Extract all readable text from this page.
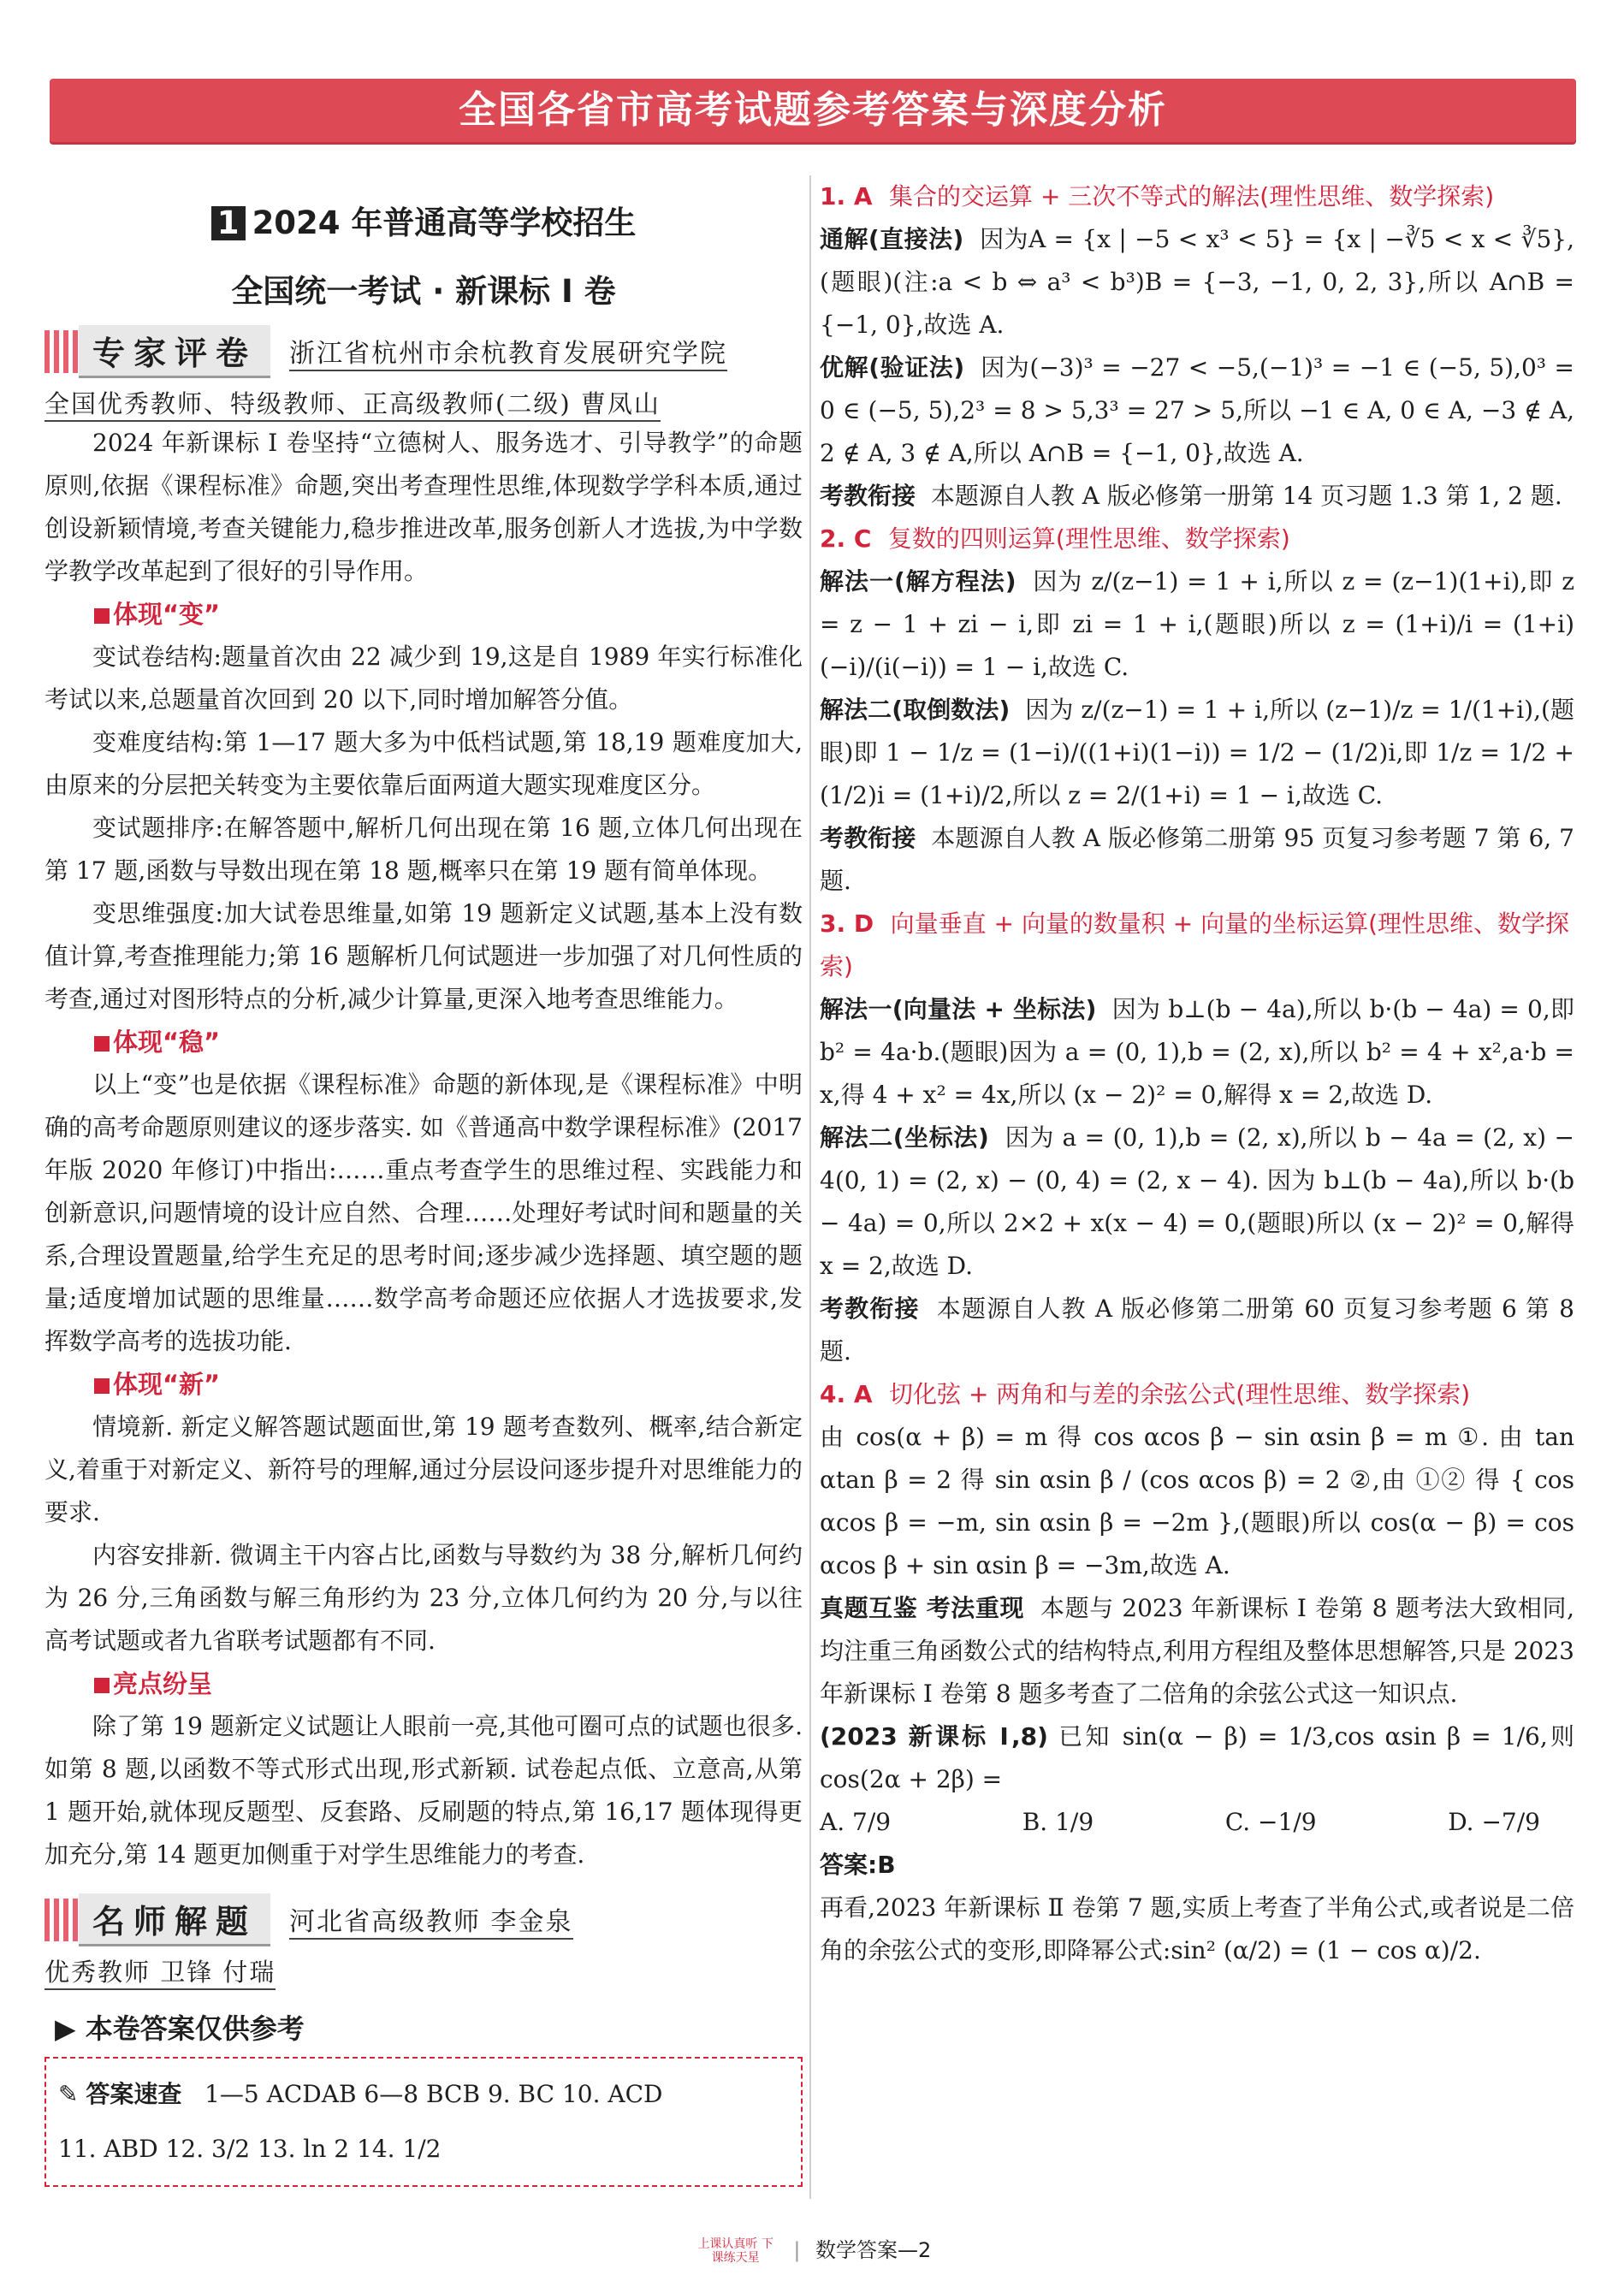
全国各省市高考试题参考答案与深度分析
1 2024 年普通高等学校招生
全国统一考试 · 新课标 Ⅰ 卷
专家评卷	浙江省杭州市余杭教育发展研究学院
全国优秀教师、特级教师、正高级教师(二级) 曹凤山

2024 年新课标 Ⅰ 卷坚持“立德树人、服务选才、引导教学”的命题原则,依据《课程标准》命题,突出考查理性思维,体现数学学科本质,通过创设新颖情境,考查关键能力,稳步推进改革,服务创新人才选拔,为中学数学教学改革起到了很好的引导作用。

体现“变”

变试卷结构:题量首次由 22 减少到 19,这是自 1989 年实行标准化考试以来,总题量首次回到 20 以下,同时增加解答分值。

变难度结构:第 1—17 题大多为中低档试题,第 18,19 题难度加大,由原来的分层把关转变为主要依靠后面两道大题实现难度区分。

变试题排序:在解答题中,解析几何出现在第 16 题,立体几何出现在第 17 题,函数与导数出现在第 18 题,概率只在第 19 题有简单体现。

变思维强度:加大试卷思维量,如第 19 题新定义试题,基本上没有数值计算,考查推理能力;第 16 题解析几何试题进一步加强了对几何性质的考查,通过对图形特点的分析,减少计算量,更深入地考查思维能力。

体现“稳”

以上“变”也是依据《课程标准》命题的新体现,是《课程标准》中明确的高考命题原则建议的逐步落实. 如《普通高中数学课程标准》(2017 年版 2020 年修订)中指出:……重点考查学生的思维过程、实践能力和创新意识,问题情境的设计应自然、合理……处理好考试时间和题量的关系,合理设置题量,给学生充足的思考时间;逐步减少选择题、填空题的题量;适度增加试题的思维量……数学高考命题还应依据人才选拔要求,发挥数学高考的选拔功能.

体现“新”

情境新. 新定义解答题试题面世,第 19 题考查数列、概率,结合新定义,着重于对新定义、新符号的理解,通过分层设问逐步提升对思维能力的要求.

内容安排新. 微调主干内容占比,函数与导数约为 38 分,解析几何约为 26 分,三角函数与解三角形约为 23 分,立体几何约为 20 分,与以往高考试题或者九省联考试题都有不同.

亮点纷呈

除了第 19 题新定义试题让人眼前一亮,其他可圈可点的试题也很多. 如第 8 题,以函数不等式形式出现,形式新颖. 试卷起点低、立意高,从第 1 题开始,就体现反题型、反套路、反刷题的特点,第 16,17 题体现得更加充分,第 14 题更加侧重于对学生思维能力的考查.

名师解题	河北省高级教师 李金泉
优秀教师 卫锋 付瑞
▶ 本卷答案仅供参考
✎ 答案速查 1—5 ACDAB 6—8 BCB 9. BC 10. ACD
11. ABD 12. 3/2 13. ln 2 14. 1/2
1. A 集合的交运算 + 三次不等式的解法(理性思维、数学探索)

通解(直接法) 因为A = {x | −5 < x³ < 5} = {x | −∛5 < x < ∛5},(题眼)(注:a < b ⇔ a³ < b³)B = {−3, −1, 0, 2, 3},所以 A∩B = {−1, 0},故选 A.

优解(验证法) 因为(−3)³ = −27 < −5,(−1)³ = −1 ∈ (−5, 5),0³ = 0 ∈ (−5, 5),2³ = 8 > 5,3³ = 27 > 5,所以 −1 ∈ A, 0 ∈ A, −3 ∉ A, 2 ∉ A, 3 ∉ A,所以 A∩B = {−1, 0},故选 A.

考教衔接 本题源自人教 A 版必修第一册第 14 页习题 1.3 第 1, 2 题.

2. C 复数的四则运算(理性思维、数学探索)

解法一(解方程法) 因为 z/(z−1) = 1 + i,所以 z = (z−1)(1+i),即 z = z − 1 + zi − i,即 zi = 1 + i,(题眼)所以 z = (1+i)/i = (1+i)(−i)/(i(−i)) = 1 − i,故选 C.

解法二(取倒数法) 因为 z/(z−1) = 1 + i,所以 (z−1)/z = 1/(1+i),(题眼)即 1 − 1/z = (1−i)/((1+i)(1−i)) = 1/2 − (1/2)i,即 1/z = 1/2 + (1/2)i = (1+i)/2,所以 z = 2/(1+i) = 1 − i,故选 C.

考教衔接 本题源自人教 A 版必修第二册第 95 页复习参考题 7 第 6, 7 题.

3. D 向量垂直 + 向量的数量积 + 向量的坐标运算(理性思维、数学探索)

解法一(向量法 + 坐标法) 因为 b⊥(b − 4a),所以 b·(b − 4a) = 0,即 b² = 4a·b.(题眼)因为 a = (0, 1),b = (2, x),所以 b² = 4 + x²,a·b = x,得 4 + x² = 4x,所以 (x − 2)² = 0,解得 x = 2,故选 D.

解法二(坐标法) 因为 a = (0, 1),b = (2, x),所以 b − 4a = (2, x) − 4(0, 1) = (2, x) − (0, 4) = (2, x − 4). 因为 b⊥(b − 4a),所以 b·(b − 4a) = 0,所以 2×2 + x(x − 4) = 0,(题眼)所以 (x − 2)² = 0,解得 x = 2,故选 D.

考教衔接 本题源自人教 A 版必修第二册第 60 页复习参考题 6 第 8 题.

4. A 切化弦 + 两角和与差的余弦公式(理性思维、数学探索)

由 cos(α + β) = m 得 cos αcos β − sin αsin β = m ①. 由 tan αtan β = 2 得 sin αsin β / (cos αcos β) = 2 ②,由 ①② 得 { cos αcos β = −m, sin αsin β = −2m },(题眼)所以 cos(α − β) = cos αcos β + sin αsin β = −3m,故选 A.

真题互鉴 考法重现 本题与 2023 年新课标 Ⅰ 卷第 8 题考法大致相同,均注重三角函数公式的结构特点,利用方程组及整体思想解答,只是 2023 年新课标 Ⅰ 卷第 8 题多考查了二倍角的余弦公式这一知识点.

(2023 新课标 Ⅰ,8) 已知 sin(α − β) = 1/3,cos αsin β = 1/6,则 cos(2α + 2β) =

A. 7/9	B. 1/9	C. −1/9	D. −7/9

答案:B

再看,2023 年新课标 Ⅱ 卷第 7 题,实质上考查了半角公式,或者说是二倍角的余弦公式的变形,即降幂公式:sin² (α/2) = (1 − cos α)/2.

上课认真听 下课练天星 | 数学答案—2
